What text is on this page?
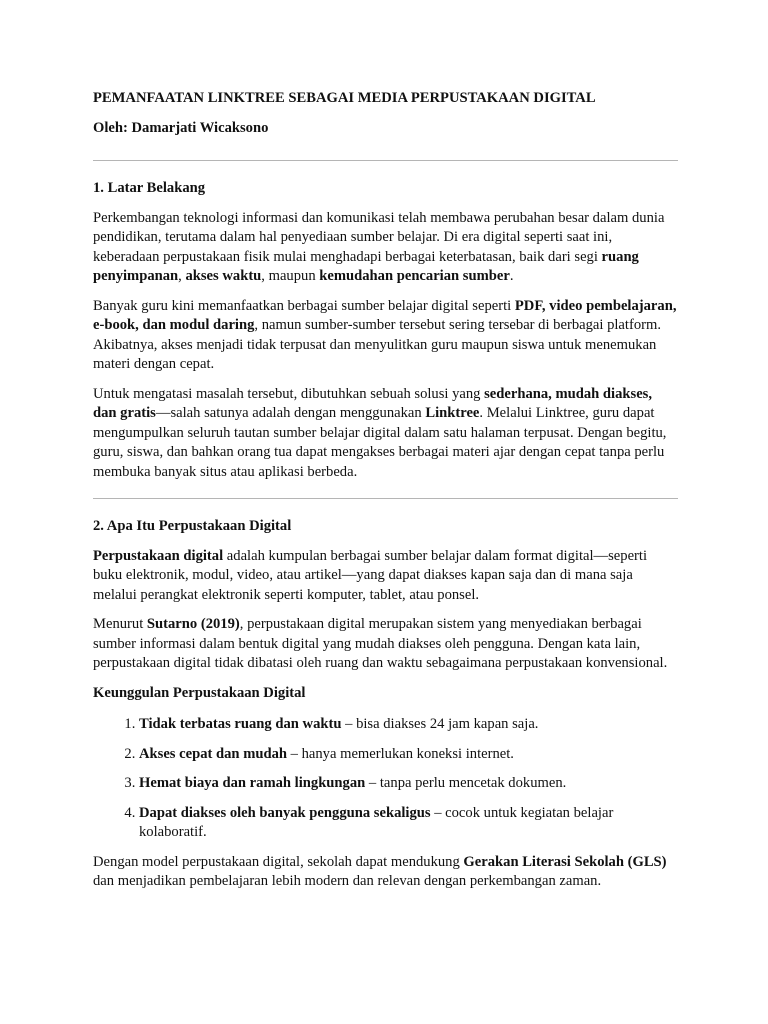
PEMANFAATAN LINKTREE SEBAGAI MEDIA PERPUSTAKAAN DIGITAL

Oleh: Damarjati Wicaksono

1. Latar Belakang

Perkembangan teknologi informasi dan komunikasi telah membawa perubahan besar dalam dunia pendidikan, terutama dalam hal penyediaan sumber belajar. Di era digital seperti saat ini, keberadaan perpustakaan fisik mulai menghadapi berbagai keterbatasan, baik dari segi ruang penyimpanan, akses waktu, maupun kemudahan pencarian sumber.

Banyak guru kini memanfaatkan berbagai sumber belajar digital seperti PDF, video pembelajaran, e-book, dan modul daring, namun sumber-sumber tersebut sering tersebar di berbagai platform. Akibatnya, akses menjadi tidak terpusat dan menyulitkan guru maupun siswa untuk menemukan materi dengan cepat.

Untuk mengatasi masalah tersebut, dibutuhkan sebuah solusi yang sederhana, mudah diakses, dan gratis—salah satunya adalah dengan menggunakan Linktree. Melalui Linktree, guru dapat mengumpulkan seluruh tautan sumber belajar digital dalam satu halaman terpusat. Dengan begitu, guru, siswa, dan bahkan orang tua dapat mengakses berbagai materi ajar dengan cepat tanpa perlu membuka banyak situs atau aplikasi berbeda.

2. Apa Itu Perpustakaan Digital

Perpustakaan digital adalah kumpulan berbagai sumber belajar dalam format digital—seperti buku elektronik, modul, video, atau artikel—yang dapat diakses kapan saja dan di mana saja melalui perangkat elektronik seperti komputer, tablet, atau ponsel.

Menurut Sutarno (2019), perpustakaan digital merupakan sistem yang menyediakan berbagai sumber informasi dalam bentuk digital yang mudah diakses oleh pengguna. Dengan kata lain, perpustakaan digital tidak dibatasi oleh ruang dan waktu sebagaimana perpustakaan konvensional.

Keunggulan Perpustakaan Digital
1. Tidak terbatas ruang dan waktu – bisa diakses 24 jam kapan saja.
2. Akses cepat dan mudah – hanya memerlukan koneksi internet.
3. Hemat biaya dan ramah lingkungan – tanpa perlu mencetak dokumen.
4. Dapat diakses oleh banyak pengguna sekaligus – cocok untuk kegiatan belajar kolaboratif.

Dengan model perpustakaan digital, sekolah dapat mendukung Gerakan Literasi Sekolah (GLS) dan menjadikan pembelajaran lebih modern dan relevan dengan perkembangan zaman.
